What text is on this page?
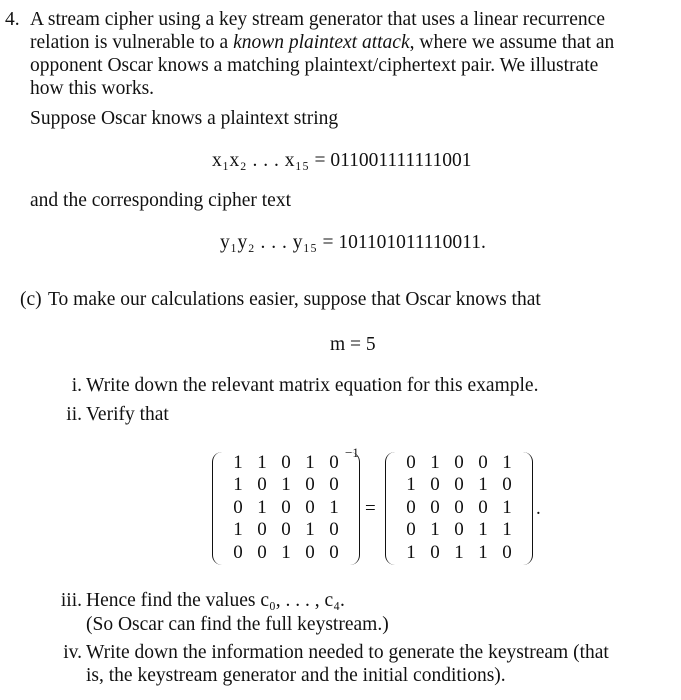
4. A stream cipher using a key stream generator that uses a linear recurrence
relation is vulnerable to a known plaintext attack, where we assume that an
opponent Oscar knows a matching plaintext/ciphertext pair. We illustrate
how this works.
Suppose Oscar knows a plaintext string
x₁x₂ . . . x₁₅ = 011001111111001
and the corresponding cipher text
y₁y₂ . . . y₁₅ = 101101011110011.
(c) To make our calculations easier, suppose that Oscar knows that
m = 5
i. Write down the relevant matrix equation for this example.
ii. Verify that
1 1 0 1 0
1 0 1 0 0
0 1 0 0 1
1 0 0 1 0
0 0 1 0 0
−1
=
0 1 0 0 1
1 0 0 1 0
0 0 0 0 1
0 1 0 1 1
1 0 1 1 0
.
iii. Hence find the values c₀, . . . , c₄.
(So Oscar can find the full keystream.)
iv. Write down the information needed to generate the keystream (that
is, the keystream generator and the initial conditions).
